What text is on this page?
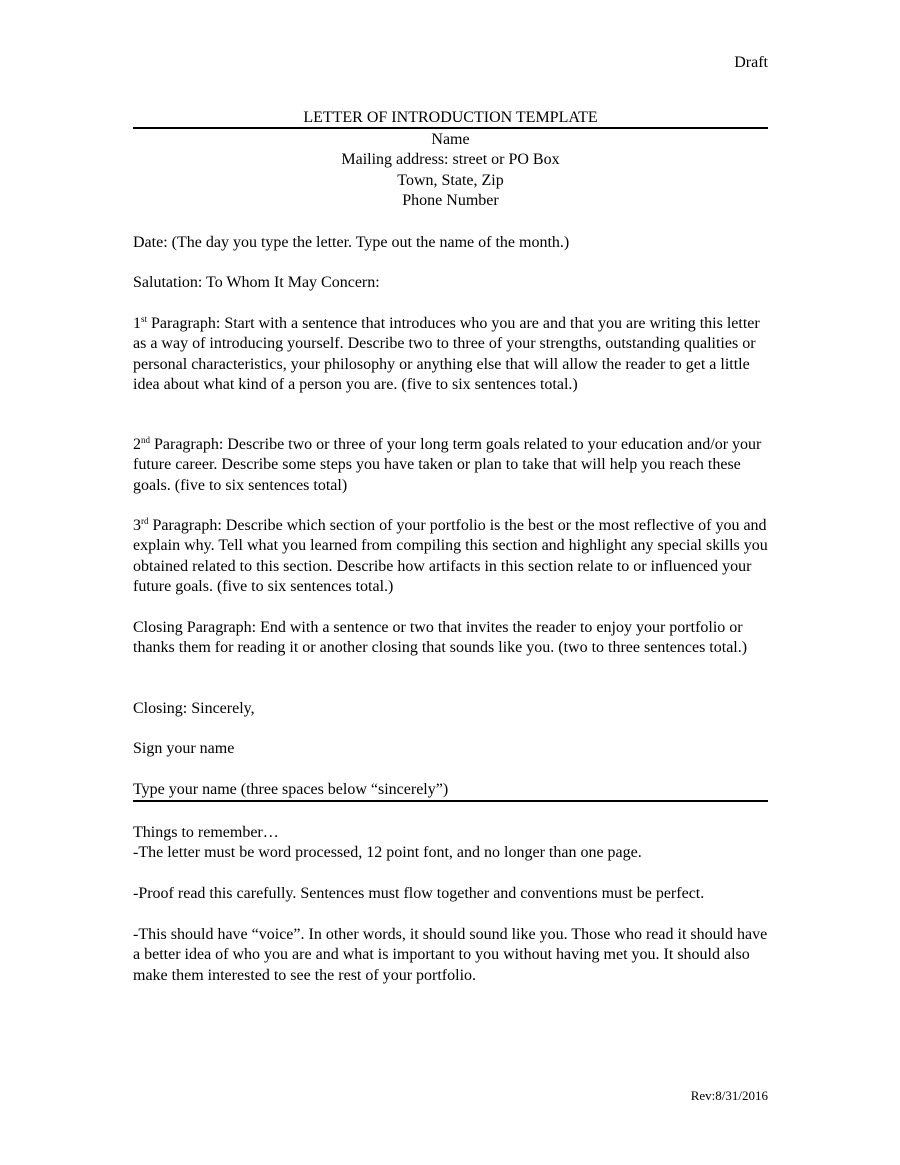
Draft
LETTER OF INTRODUCTION TEMPLATE
Name
Mailing address: street or PO Box
Town, State, Zip
Phone Number

Date: (The day you type the letter. Type out the name of the month.)

Salutation: To Whom It May Concern:

1st Paragraph: Start with a sentence that introduces who you are and that you are writing this letter as a way of introducing yourself. Describe two to three of your strengths, outstanding qualities or personal characteristics, your philosophy or anything else that will allow the reader to get a little idea about what kind of a person you are. (five to six sentences total.)

2nd Paragraph: Describe two or three of your long term goals related to your education and/or your future career. Describe some steps you have taken or plan to take that will help you reach these goals. (five to six sentences total)

3rd Paragraph: Describe which section of your portfolio is the best or the most reflective of you and explain why. Tell what you learned from compiling this section and highlight any special skills you obtained related to this section. Describe how artifacts in this section relate to or influenced your future goals. (five to six sentences total.)

Closing Paragraph: End with a sentence or two that invites the reader to enjoy your portfolio or thanks them for reading it or another closing that sounds like you. (two to three sentences total.)

Closing: Sincerely,

Sign your name

Type your name (three spaces below “sincerely”)

Things to remember…
-The letter must be word processed, 12 point font, and no longer than one page.

-Proof read this carefully. Sentences must flow together and conventions must be perfect.

-This should have “voice”. In other words, it should sound like you. Those who read it should have a better idea of who you are and what is important to you without having met you. It should also make them interested to see the rest of your portfolio.

Rev:8/31/2016
